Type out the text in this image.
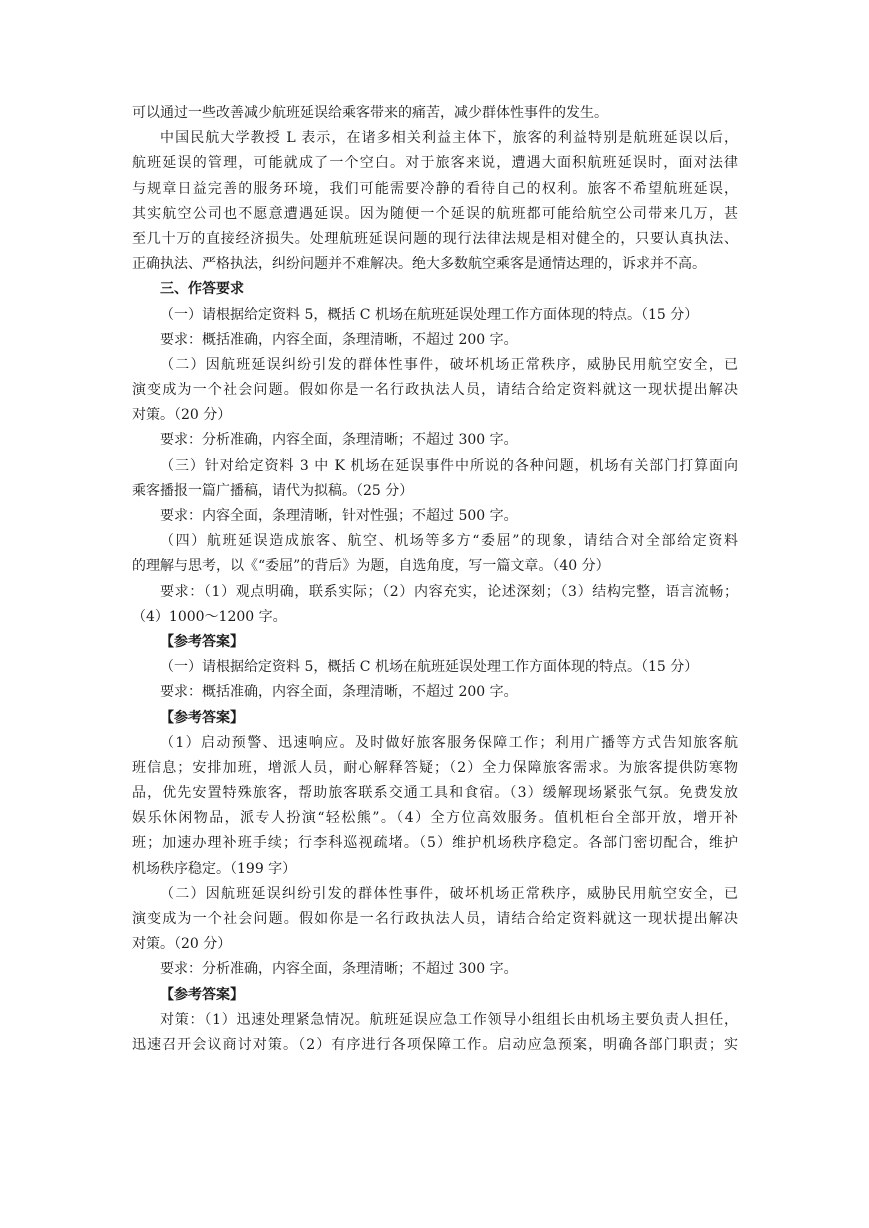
可以通过一些改善减少航班延误给乘客带来的痛苦，减少群体性事件的发生。
中国民航大学教授 L 表示，在诸多相关利益主体下，旅客的利益特别是航班延误以后，
航班延误的管理，可能就成了一个空白。对于旅客来说，遭遇大面积航班延误时，面对法律
与规章日益完善的服务环境，我们可能需要冷静的看待自己的权利。旅客不希望航班延误，
其实航空公司也不愿意遭遇延误。因为随便一个延误的航班都可能给航空公司带来几万，甚
至几十万的直接经济损失。处理航班延误问题的现行法律法规是相对健全的，只要认真执法、
正确执法、严格执法，纠纷问题并不难解决。绝大多数航空乘客是通情达理的，诉求并不高。
三、作答要求
（一）请根据给定资料 5，概括 C 机场在航班延误处理工作方面体现的特点。（15 分）
要求：概括准确，内容全面，条理清晰，不超过 200 字。
（二）因航班延误纠纷引发的群体性事件，破坏机场正常秩序，威胁民用航空安全，已
演变成为一个社会问题。假如你是一名行政执法人员，请结合给定资料就这一现状提出解决
对策。（20 分）
要求：分析准确，内容全面，条理清晰；不超过 300 字。
（三）针对给定资料 3 中 K 机场在延误事件中所说的各种问题，机场有关部门打算面向
乘客播报一篇广播稿，请代为拟稿。（25 分）
要求：内容全面，条理清晰，针对性强；不超过 500 字。
（四）航班延误造成旅客、航空、机场等多方“委屈”的现象，请结合对全部给定资料
的理解与思考，以《“委屈”的背后》为题，自选角度，写一篇文章。（40 分）
要求：（1）观点明确，联系实际；（2）内容充实，论述深刻；（3）结构完整，语言流畅；
（4）1000～1200 字。
【参考答案】
（一）请根据给定资料 5，概括 C 机场在航班延误处理工作方面体现的特点。（15 分）
要求：概括准确，内容全面，条理清晰，不超过 200 字。
【参考答案】
（1）启动预警、迅速响应。及时做好旅客服务保障工作；利用广播等方式告知旅客航
班信息；安排加班，增派人员，耐心解释答疑；（2）全力保障旅客需求。为旅客提供防寒物
品，优先安置特殊旅客，帮助旅客联系交通工具和食宿。（3）缓解现场紧张气氛。免费发放
娱乐休闲物品，派专人扮演“轻松熊”。（4）全方位高效服务。值机柜台全部开放，增开补
班；加速办理补班手续；行李科巡视疏堵。（5）维护机场秩序稳定。各部门密切配合，维护
机场秩序稳定。（199 字）
（二）因航班延误纠纷引发的群体性事件，破坏机场正常秩序，威胁民用航空安全，已
演变成为一个社会问题。假如你是一名行政执法人员，请结合给定资料就这一现状提出解决
对策。（20 分）
要求：分析准确，内容全面，条理清晰；不超过 300 字。
【参考答案】
对策：（1）迅速处理紧急情况。航班延误应急工作领导小组组长由机场主要负责人担任，
迅速召开会议商讨对策。（2）有序进行各项保障工作。启动应急预案，明确各部门职责；实
